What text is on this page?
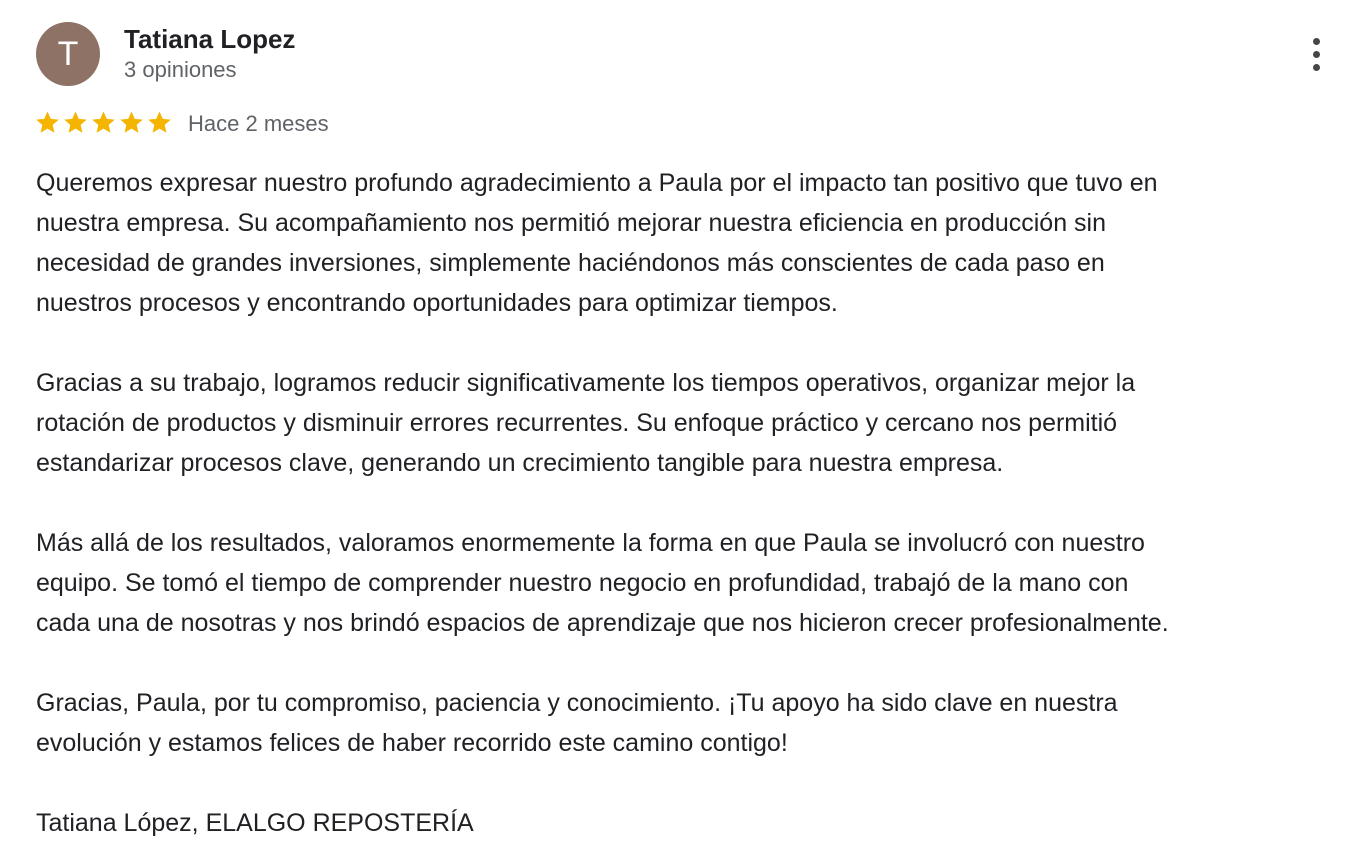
T Tatiana Lopez
3 opiniones
Hace 2 meses

Queremos expresar nuestro profundo agradecimiento a Paula por el impacto tan positivo que tuvo en
nuestra empresa. Su acompañamiento nos permitió mejorar nuestra eficiencia en producción sin
necesidad de grandes inversiones, simplemente haciéndonos más conscientes de cada paso en
nuestros procesos y encontrando oportunidades para optimizar tiempos.

Gracias a su trabajo, logramos reducir significativamente los tiempos operativos, organizar mejor la
rotación de productos y disminuir errores recurrentes. Su enfoque práctico y cercano nos permitió
estandarizar procesos clave, generando un crecimiento tangible para nuestra empresa.

Más allá de los resultados, valoramos enormemente la forma en que Paula se involucró con nuestro
equipo. Se tomó el tiempo de comprender nuestro negocio en profundidad, trabajó de la mano con
cada una de nosotras y nos brindó espacios de aprendizaje que nos hicieron crecer profesionalmente.

Gracias, Paula, por tu compromiso, paciencia y conocimiento. ¡Tu apoyo ha sido clave en nuestra
evolución y estamos felices de haber recorrido este camino contigo!

Tatiana López, ELALGO REPOSTERÍA
